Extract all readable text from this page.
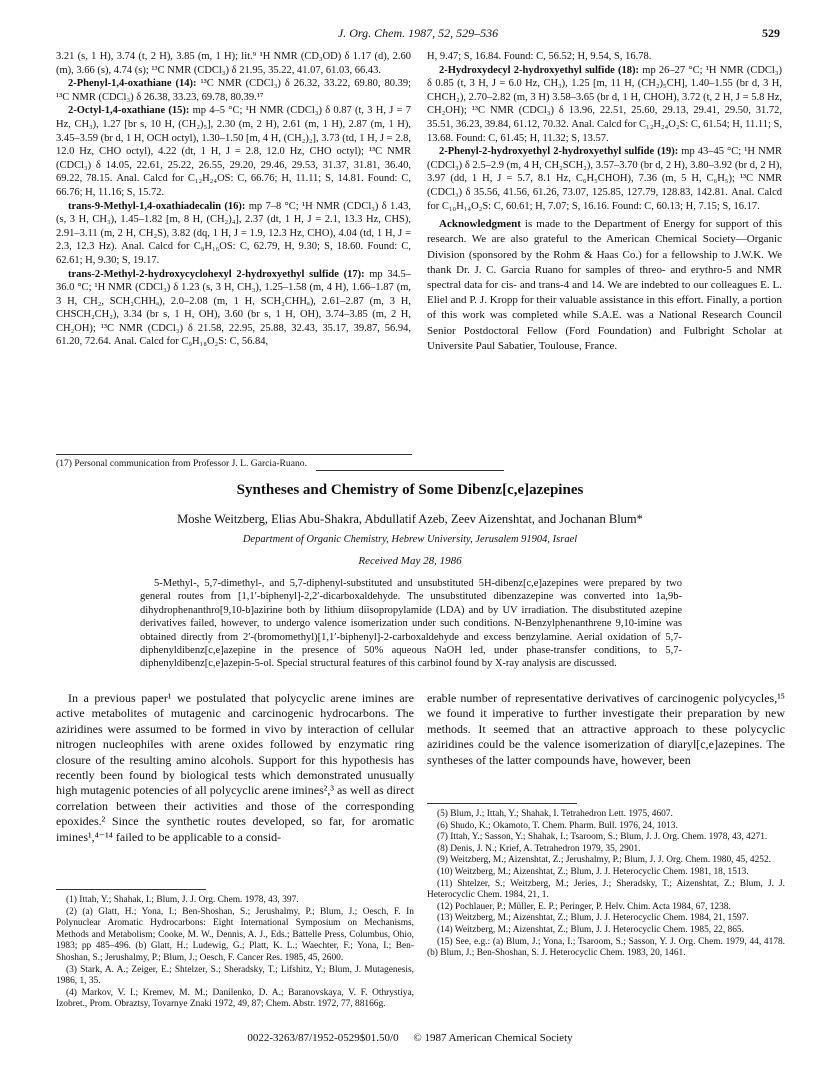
J. Org. Chem. 1987, 52, 529–536	529

3.21 (s, 1 H), 3.74 (t, 2 H), 3.85 (m, 1 H); lit.⁹ ¹H NMR (CD₃OD) δ 1.17 (d), 2.60 (m), 3.66 (s), 4.74 (s); ¹³C NMR (CDCl₃) δ 21.95, 35.22, 41.07, 61.03, 66.43.

2-Phenyl-1,4-oxathiane (14): ¹³C NMR (CDCl₃) δ 26.32, 33.22, 69.80, 80.39; ¹³C NMR (CDCl₃) δ 26.38, 33.23, 69.78, 80.39.¹⁷

2-Octyl-1,4-oxathiane (15): mp 4–5 °C; ¹H NMR (CDCl₃) δ 0.87 (t, 3 H, J = 7 Hz, CH₃), 1.27 [br s, 10 H, (CH₂)₅], 2.30 (m, 2 H), 2.61 (m, 1 H), 2.87 (m, 1 H), 3.45–3.59 (br d, 1 H, OCH octyl), 1.30–1.50 [m, 4 H, (CH₂)₂], 3.73 (td, 1 H, J = 2.8, 12.0 Hz, CHO octyl), 4.22 (dt, 1 H, J = 2.8, 12.0 Hz, CHO octyl); ¹³C NMR (CDCl₃) δ 14.05, 22.61, 25.22, 26.55, 29.20, 29.46, 29.53, 31.37, 31.81, 36.40, 69.22, 78.15. Anal. Calcd for C₁₂H₂₄OS: C, 66.76; H, 11.11; S, 14.81. Found: C, 66.76; H, 11.16; S, 15.72.

trans-9-Methyl-1,4-oxathiadecalin (16): mp 7–8 °C; ¹H NMR (CDCl₃) δ 1.43, (s, 3 H, CH₃), 1.45–1.82 [m, 8 H, (CH₂)₄], 2.37 (dt, 1 H, J = 2.1, 13.3 Hz, CHS), 2.91–3.11 (m, 2 H, CH₂S), 3.82 (dq, 1 H, J = 1.9, 12.3 Hz, CHO), 4.04 (td, 1 H, J = 2.3, 12.3 Hz). Anal. Calcd for C₉H₁₆OS: C, 62.79, H, 9.30; S, 18.60. Found: C, 62.61; H, 9.30; S, 19.17.

trans-2-Methyl-2-hydroxycyclohexyl 2-hydroxyethyl sulfide (17): mp 34.5–36.0 °C; ¹H NMR (CDCl₃) δ 1.23 (s, 3 H, CH₃), 1.25–1.58 (m, 4 H), 1.66–1.87 (m, 3 H, CH₂, SCH₂CHHₐ), 2.0–2.08 (m, 1 H, SCH₂CHHₐ), 2.61–2.87 (m, 3 H, CHSCH₂CH₂), 3.34 (br s, 1 H, OH), 3.60 (br s, 1 H, OH), 3.74–3.85 (m, 2 H, CH₂OH); ¹³C NMR (CDCl₃) δ 21.58, 22.95, 25.88, 32.43, 35.17, 39.87, 56.94, 61.20, 72.64. Anal. Calcd for C₉H₁₈O₂S: C, 56.84,

H, 9.47; S, 16.84. Found: C, 56.52; H, 9.54, S, 16.78.

2-Hydroxydecyl 2-hydroxyethyl sulfide (18): mp 26–27 °C; ¹H NMR (CDCl₃) δ 0.85 (t, 3 H, J = 6.0 Hz, CH₃), 1.25 [m, 11 H, (CH₂)₅CH], 1.40–1.55 (br d, 3 H, CHCH₂), 2.70–2.82 (m, 3 H) 3.58–3.65 (br d, 1 H, CHOH), 3.72 (t, 2 H, J = 5.8 Hz, CH₂OH); ¹³C NMR (CDCl₃) δ 13.96, 22.51, 25.60, 29.13, 29.41, 29.50, 31.72, 35.51, 36.23, 39.84, 61.12, 70.32. Anal. Calcd for C₁₂H₂₄O₂S: C, 61.54; H, 11.11; S, 13.68. Found: C, 61.45; H, 11.32; S, 13.57.

2-Phenyl-2-hydroxyethyl 2-hydroxyethyl sulfide (19): mp 43–45 °C; ¹H NMR (CDCl₃) δ 2.5–2.9 (m, 4 H, CH₂SCH₂), 3.57–3.70 (br d, 2 H), 3.80–3.92 (br d, 2 H), 3.97 (dd, 1 H, J = 5.7, 8.1 Hz, C₆H₅CHOH), 7.36 (m, 5 H, C₆H₅); ¹³C NMR (CDCl₃) δ 35.56, 41.56, 61.26, 73.07, 125.85, 127.79, 128.83, 142.81. Anal. Calcd for C₁₀H₁₄O₂S: C, 60.61; H, 7.07; S, 16.16. Found: C, 60.13; H, 7.15; S, 16.17.

Acknowledgment is made to the Department of Energy for support of this research. We are also grateful to the American Chemical Society—Organic Division (sponsored by the Rohm & Haas Co.) for a fellowship to J.W.K. We thank Dr. J. C. Garcia Ruano for samples of threo- and erythro-5 and NMR spectral data for cis- and trans-4 and 14. We are indebted to our colleagues E. L. Eliel and P. J. Kropp for their valuable assistance in this effort. Finally, a portion of this work was completed while S.A.E. was a National Research Council Senior Postdoctoral Fellow (Ford Foundation) and Fulbright Scholar at Universite Paul Sabatier, Toulouse, France.

(17) Personal communication from Professor J. L. Garcia-Ruano.
Syntheses and Chemistry of Some Dibenz[c,e]azepines
Moshe Weitzberg, Elias Abu-Shakra, Abdullatif Azeb, Zeev Aizenshtat, and Jochanan Blum*
Department of Organic Chemistry, Hebrew University, Jerusalem 91904, Israel
Received May 28, 1986
5-Methyl-, 5,7-dimethyl-, and 5,7-diphenyl-substituted and unsubstituted 5H-dibenz[c,e]azepines were prepared by two general routes from [1,1′-biphenyl]-2,2′-dicarboxaldehyde. The unsubstituted dibenzazepine was converted into 1a,9b-dihydrophenanthro[9,10-b]azirine both by lithium diisopropylamide (LDA) and by UV irradiation. The disubstituted azepine derivatives failed, however, to undergo valence isomerization under such conditions. N-Benzylphenanthrene 9,10-imine was obtained directly from 2′-(bromomethyl)[1,1′-biphenyl]-2-carboxaldehyde and excess benzylamine. Aerial oxidation of 5,7-diphenyldibenz[c,e]azepine in the presence of 50% aqueous NaOH led, under phase-transfer conditions, to 5,7-diphenyldibenz[c,e]azepin-5-ol. Special structural features of this carbinol found by X-ray analysis are discussed.
In a previous paper¹ we postulated that polycyclic arene imines are active metabolites of mutagenic and carcinogenic hydrocarbons. The aziridines were assumed to be formed in vivo by interaction of cellular nitrogen nucleophiles with arene oxides followed by enzymatic ring closure of the resulting amino alcohols. Support for this hypothesis has recently been found by biological tests which demonstrated unusually high mutagenic potencies of all polycyclic arene imines²,³ as well as direct correlation between their activities and those of the corresponding epoxides.² Since the synthetic routes developed, so far, for aromatic imines¹,⁴⁻¹⁴ failed to be applicable to a consid-
erable number of representative derivatives of carcinogenic polycycles,¹⁵ we found it imperative to further investigate their preparation by new methods. It seemed that an attractive approach to these polycyclic aziridines could be the valence isomerization of diaryl[c,e]azepines. The syntheses of the latter compounds have, however, been

(1) Ittah, Y.; Shahak, I.; Blum, J. J. Org. Chem. 1978, 43, 397.

(2) (a) Glatt, H.; Yona, I.; Ben-Shoshan, S.; Jerushalmy, P.; Blum, J.; Oesch, F. In Polynuclear Aromatic Hydrocarbons: Eight International Symposium on Mechanisms, Methods and Metabolism; Cooke, M. W., Dennis, A. J., Eds.; Battelle Press, Columbus, Ohio, 1983; pp 485–496. (b) Glatt, H.; Ludewig, G.; Platt, K. L.; Waechter, F.; Yona, I.; Ben-Shoshan, S.; Jerushalmy, P.; Blum, J.; Oesch, F. Cancer Res. 1985, 45, 2600.

(3) Stark, A. A.; Zeiger, E.; Shtelzer, S.; Sheradsky, T.; Lifshitz, Y.; Blum, J. Mutagenesis, 1986, 1, 35.

(4) Markov, V. I.; Kremev, M. M.; Danilenko, D. A.; Baranovskaya, V. F. Othrystiya, Izobret., Prom. Obraztsy, Tovarnye Znaki 1972, 49, 87; Chem. Abstr. 1972, 77, 88166g.

(5) Blum, J.; Ittah, Y.; Shahak, I. Tetrahedron Lett. 1975, 4607.

(6) Shudo, K.; Okamoto, T. Chem. Pharm. Bull. 1976, 24, 1013.

(7) Ittah, Y.; Sasson, Y.; Shahak, I.; Tsaroom, S.; Blum, J. J. Org. Chem. 1978, 43, 4271.

(8) Denis, J. N.; Krief, A. Tetrahedron 1979, 35, 2901.

(9) Weitzberg, M.; Aizenshtat, Z.; Jerushalmy, P.; Blum, J. J. Org. Chem. 1980, 45, 4252.

(10) Weitzberg, M.; Aizenshtat, Z.; Blum, J. J. Heterocyclic Chem. 1981, 18, 1513.

(11) Shtelzer, S.; Weitzberg, M.; Jeries, J.; Sheradsky, T.; Aizenshtat, Z.; Blum, J. J. Heterocyclic Chem. 1984, 21, 1.

(12) Pochlauer, P.; Müller, E. P.; Peringer, P. Helv. Chim. Acta 1984, 67, 1238.

(13) Weitzberg, M.; Aizenshtat, Z.; Blum, J. J. Heterocyclic Chem. 1984, 21, 1597.

(14) Weitzberg, M.; Aizenshtat, Z.; Blum, J. J. Heterocyclic Chem. 1985, 22, 865.

(15) See, e.g.: (a) Blum, J.; Yona, I.; Tsaroom, S.; Sasson, Y. J. Org. Chem. 1979, 44, 4178. (b) Blum, J.; Ben-Shoshan, S. J. Heterocyclic Chem. 1983, 20, 1461.

0022-3263/87/1952-0529$01.50/0 © 1987 American Chemical Society
